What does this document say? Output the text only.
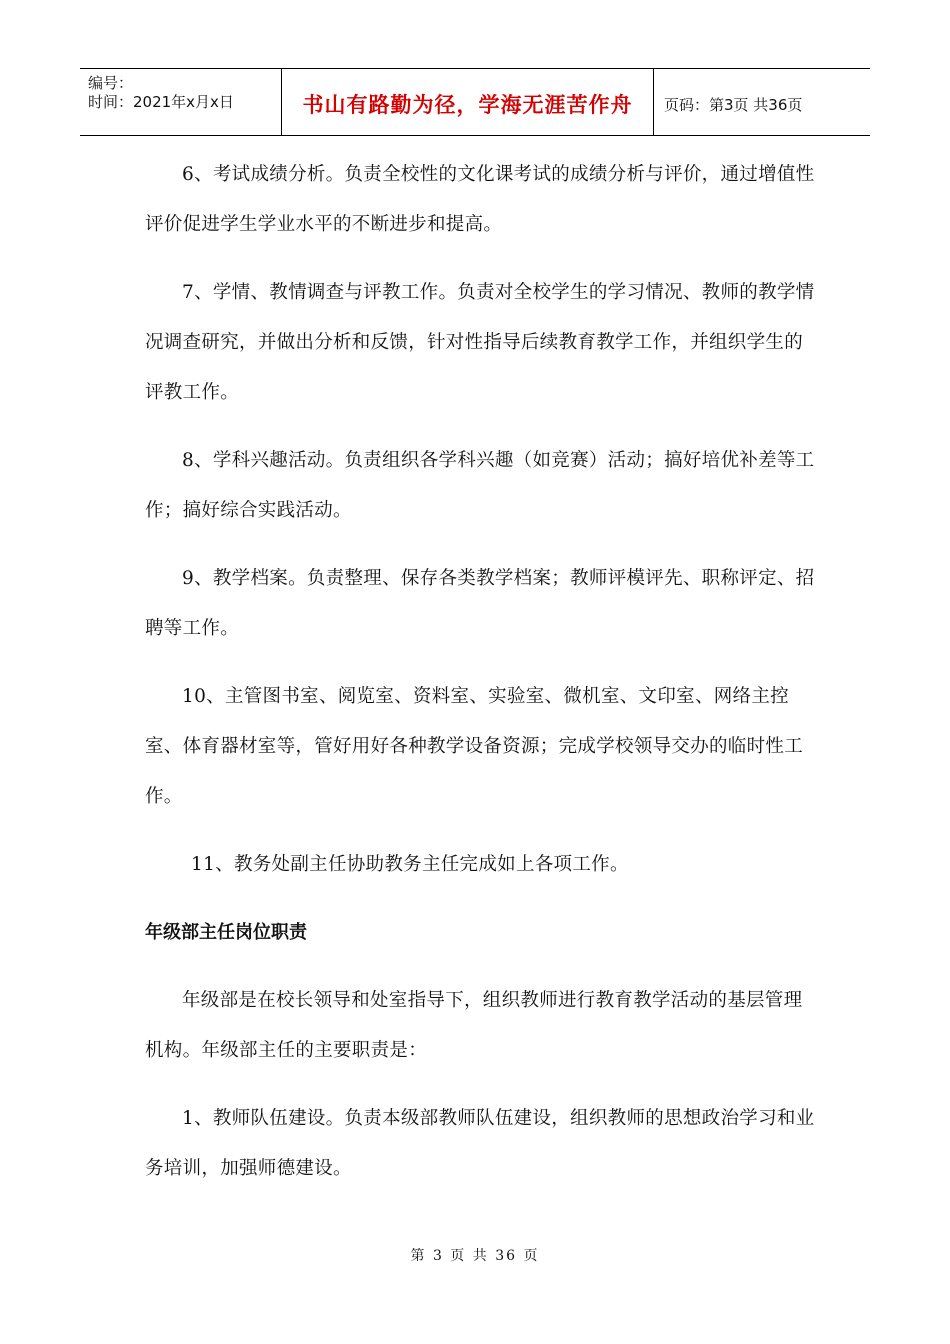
编号：
时间：2021年x月x日	书山有路勤为径，学海无涯苦作舟	页码：第3页 共36页

6、考试成绩分析。负责全校性的文化课考试的成绩分析与评价，通过增值性评价促进学生学业水平的不断进步和提高。

7、学情、教情调查与评教工作。负责对全校学生的学习情况、教师的教学情况调查研究，并做出分析和反馈，针对性指导后续教育教学工作，并组织学生的评教工作。

8、学科兴趣活动。负责组织各学科兴趣（如竞赛）活动；搞好培优补差等工作；搞好综合实践活动。

9、教学档案。负责整理、保存各类教学档案；教师评模评先、职称评定、招聘等工作。

10、主管图书室、阅览室、资料室、实验室、微机室、文印室、网络主控室、体育器材室等，管好用好各种教学设备资源；完成学校领导交办的临时性工作。

11、教务处副主任协助教务主任完成如上各项工作。

年级部主任岗位职责

年级部是在校长领导和处室指导下，组织教师进行教育教学活动的基层管理机构。年级部主任的主要职责是：

1、教师队伍建设。负责本级部教师队伍建设，组织教师的思想政治学习和业务培训，加强师德建设。

第 3 页 共 36 页
